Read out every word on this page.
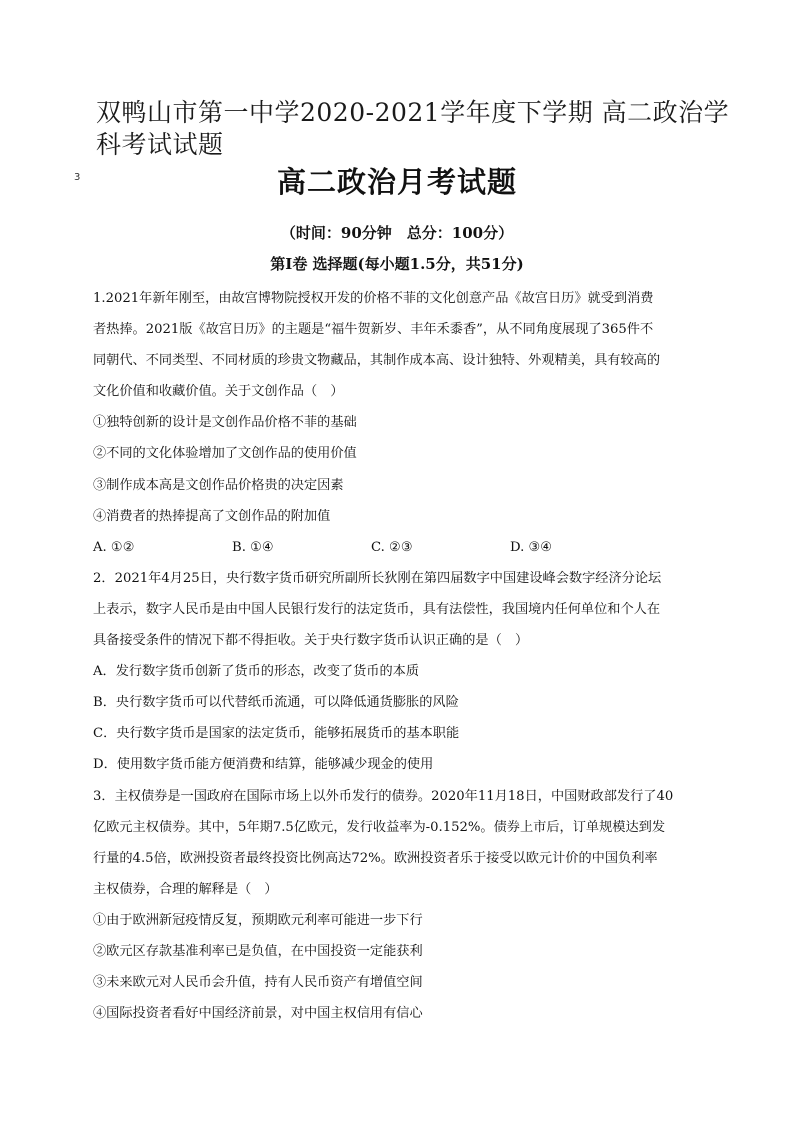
双鸭山市第一中学2020-2021学年度下学期 高二政治学科考试试题
3	高二政治月考试题
（时间：90分钟　总分：100分）
第Ⅰ卷 选择题(每小题1.5分，共51分)
1.2021年新年刚至，由故宫博物院授权开发的价格不菲的文化创意产品《故宫日历》就受到消费
者热捧。2021版《故宫日历》的主题是“福牛贺新岁、丰年禾黍香”，从不同角度展现了365件不
同朝代、不同类型、不同材质的珍贵文物藏品，其制作成本高、设计独特、外观精美，具有较高的
文化价值和收藏价值。关于文创作品（　）
①独特创新的设计是文创作品价格不菲的基础
②不同的文化体验增加了文创作品的使用价值
③制作成本高是文创作品价格贵的决定因素
④消费者的热捧提高了文创作品的附加值
A. ①②	B. ①④	C. ②③	D. ③④
2．2021年4月25日，央行数字货币研究所副所长狄刚在第四届数字中国建设峰会数字经济分论坛
上表示，数字人民币是由中国人民银行发行的法定货币，具有法偿性，我国境内任何单位和个人在
具备接受条件的情况下都不得拒收。关于央行数字货币认识正确的是（　）
A．发行数字货币创新了货币的形态，改变了货币的本质
B．央行数字货币可以代替纸币流通，可以降低通货膨胀的风险
C．央行数字货币是国家的法定货币，能够拓展货币的基本职能
D．使用数字货币能方便消费和结算，能够减少现金的使用
3．主权债券是一国政府在国际市场上以外币发行的债券。2020年11月18日，中国财政部发行了40
亿欧元主权债券。其中，5年期7.5亿欧元，发行收益率为-0.152%。债券上市后，订单规模达到发
行量的4.5倍，欧洲投资者最终投资比例高达72%。欧洲投资者乐于接受以欧元计价的中国负利率
主权债券，合理的解释是（　）
①由于欧洲新冠疫情反复，预期欧元利率可能进一步下行
②欧元区存款基准利率已是负值，在中国投资一定能获利
③未来欧元对人民币会升值，持有人民币资产有增值空间
④国际投资者看好中国经济前景，对中国主权信用有信心
